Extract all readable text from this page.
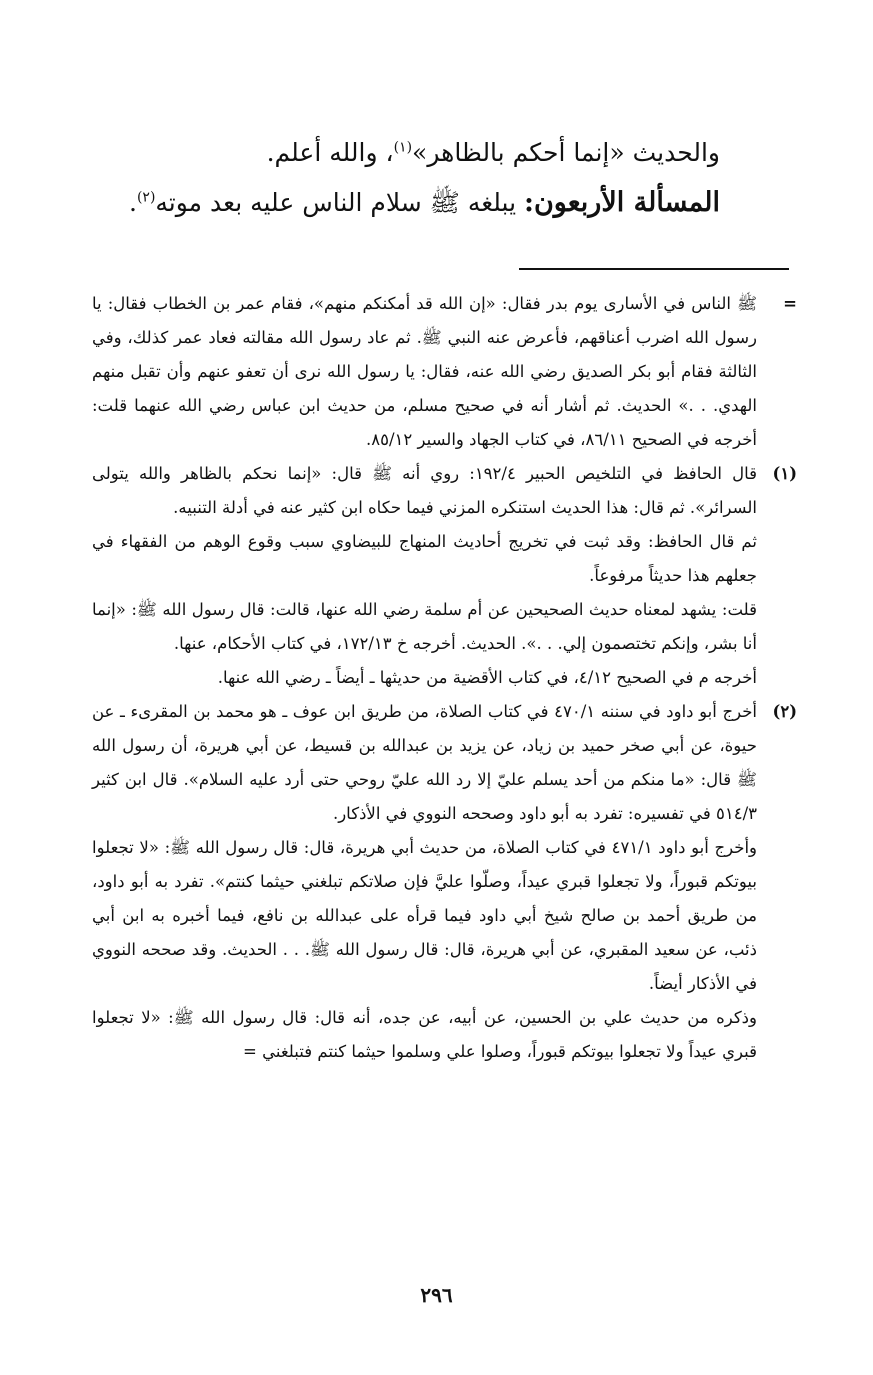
والحديث «إنما أحكم بالظاهر»$^{(١)}$، والله أعلم.
المسألة الأربعون: يبلغه ﷺ سلام الناس عليه بعد موته$^{(٢)}$.
=

ﷺ الناس في الأسارى يوم بدر فقال: «إن الله قد أمكنكم منهم»، فقام عمر بن الخطاب فقال: يا رسول الله اضرب أعناقهم، فأعرض عنه النبي ﷺ. ثم عاد رسول الله مقالته فعاد عمر كذلك، وفي الثالثة فقام أبو بكر الصديق رضي الله عنه، فقال: يا رسول الله نرى أن تعفو عنهم وأن تقبل منهم الهدي. . .» الحديث. ثم أشار أنه في صحيح مسلم، من حديث ابن عباس رضي الله عنهما قلت: أخرجه في الصحيح ٨٦/١١، في كتاب الجهاد والسير ٨٥/١٢.

(١)

قال الحافظ في التلخيص الحبير ١٩٢/٤: روي أنه ﷺ قال: «إنما نحكم بالظاهر والله يتولى السرائر». ثم قال: هذا الحديث استنكره المزني فيما حكاه ابن كثير عنه في أدلة التنبيه.

ثم قال الحافظ: وقد ثبت في تخريج أحاديث المنهاج للبيضاوي سبب وقوع الوهم من الفقهاء في جعلهم هذا حديثاً مرفوعاً.

قلت: يشهد لمعناه حديث الصحيحين عن أم سلمة رضي الله عنها، قالت: قال رسول الله ﷺ: «إنما أنا بشر، وإنكم تختصمون إلي. . .». الحديث. أخرجه خ ١٧٢/١٣، في كتاب الأحكام، عنها.

أخرجه م في الصحيح ٤/١٢، في كتاب الأقضية من حديثها ـ أيضاً ـ رضي الله عنها.

(٢)

أخرج أبو داود في سننه ٤٧٠/١ في كتاب الصلاة، من طريق ابن عوف ـ هو محمد بن المقرىء ـ عن حيوة، عن أبي صخر حميد بن زياد، عن يزيد بن عبدالله بن قسيط، عن أبي هريرة، أن رسول الله ﷺ قال: «ما منكم من أحد يسلم عليّ إلا رد الله عليّ روحي حتى أرد عليه السلام». قال ابن كثير ٥١٤/٣ في تفسيره: تفرد به أبو داود وصححه النووي في الأذكار.

وأخرج أبو داود ٤٧١/١ في كتاب الصلاة، من حديث أبي هريرة، قال: قال رسول الله ﷺ: «لا تجعلوا بيوتكم قبوراً، ولا تجعلوا قبري عيداً، وصلّوا عليَّ فإن صلاتكم تبلغني حيثما كنتم». تفرد به أبو داود، من طريق أحمد بن صالح شيخ أبي داود فيما قرأه على عبدالله بن نافع، فيما أخبره به ابن أبي ذئب، عن سعيد المقبري، عن أبي هريرة، قال: قال رسول الله ﷺ. . . الحديث. وقد صححه النووي في الأذكار أيضاً.

وذكره من حديث علي بن الحسين، عن أبيه، عن جده، أنه قال: قال رسول الله ﷺ: «لا تجعلوا قبري عيداً ولا تجعلوا بيوتكم قبوراً، وصلوا علي وسلموا حيثما كنتم فتبلغني =

٢٩٦
